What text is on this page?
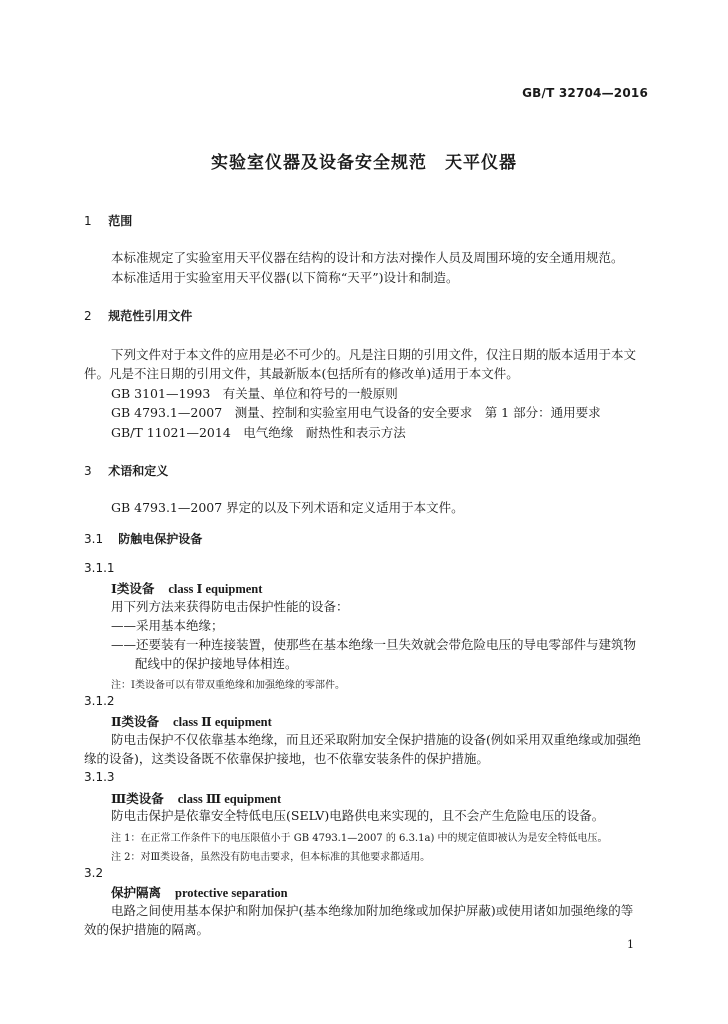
GB/T 32704—2016
实验室仪器及设备安全规范　天平仪器
1 范围
本标准规定了实验室用天平仪器在结构的设计和方法对操作人员及周围环境的安全通用规范。
本标准适用于实验室用天平仪器(以下简称“天平”)设计和制造。
2 规范性引用文件
下列文件对于本文件的应用是必不可少的。凡是注日期的引用文件，仅注日期的版本适用于本文
件。凡是不注日期的引用文件，其最新版本(包括所有的修改单)适用于本文件。
GB 3101—1993　有关量、单位和符号的一般原则
GB 4793.1—2007　测量、控制和实验室用电气设备的安全要求　第 1 部分：通用要求
GB/T 11021—2014　电气绝缘　耐热性和表示方法
3 术语和定义
GB 4793.1—2007 界定的以及下列术语和定义适用于本文件。
3.1 防触电保护设备
3.1.1
Ⅰ类设备 class Ⅰ equipment
用下列方法来获得防电击保护性能的设备：
——采用基本绝缘；
——还要装有一种连接装置，使那些在基本绝缘一旦失效就会带危险电压的导电零部件与建筑物
配线中的保护接地导体相连。
注：Ⅰ类设备可以有带双重绝缘和加强绝缘的零部件。
3.1.2
Ⅱ类设备 class Ⅱ equipment
防电击保护不仅依靠基本绝缘，而且还采取附加安全保护措施的设备(例如采用双重绝缘或加强绝
缘的设备)，这类设备既不依靠保护接地，也不依靠安装条件的保护措施。
3.1.3
Ⅲ类设备 class Ⅲ equipment
防电击保护是依靠安全特低电压(SELV)电路供电来实现的，且不会产生危险电压的设备。
注 1：在正常工作条件下的电压限值小于 GB 4793.1—2007 的 6.3.1a) 中的规定值即被认为是安全特低电压。
注 2：对Ⅲ类设备，虽然没有防电击要求，但本标准的其他要求都适用。
3.2
保护隔离 protective separation
电路之间使用基本保护和附加保护(基本绝缘加附加绝缘或加保护屏蔽)或使用诸如加强绝缘的等
效的保护措施的隔离。
1
